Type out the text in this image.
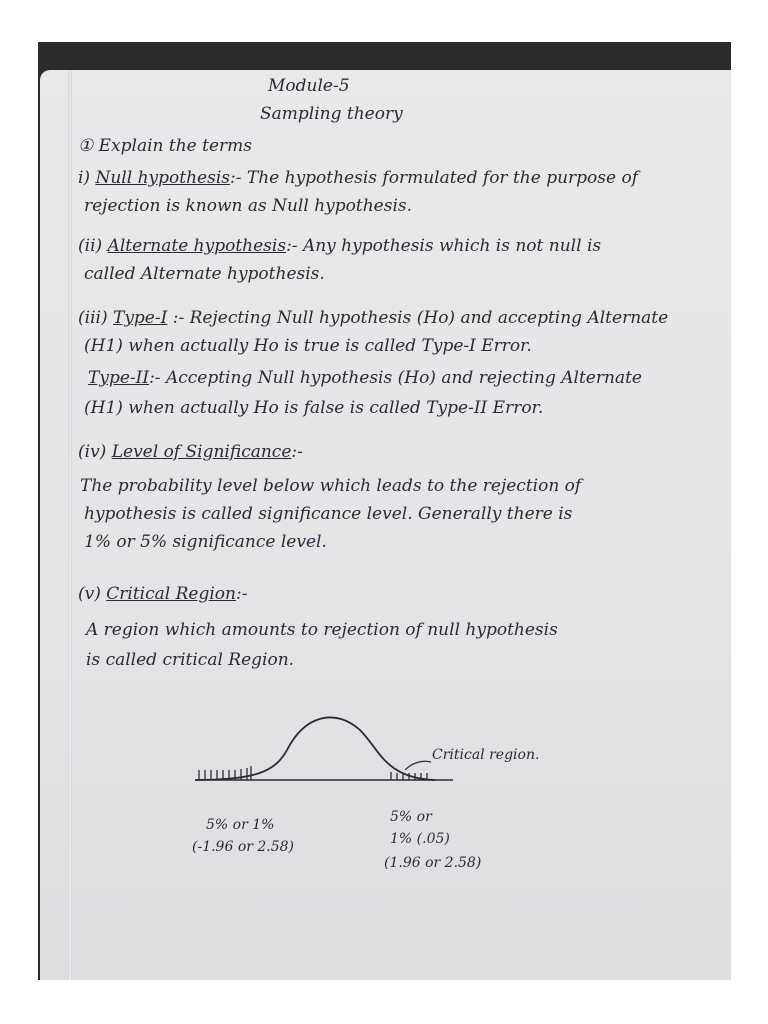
Module-5
Sampling theory
① Explain the terms
i) Null hypothesis:- The hypothesis formulated for the purpose of
rejection is known as Null hypothesis.
(ii) Alternate hypothesis:- Any hypothesis which is not null is
called Alternate hypothesis.
(iii) Type-I :- Rejecting Null hypothesis (Ho) and accepting Alternate
(H1) when actually Ho is true is called Type-I Error.
Type-II:- Accepting Null hypothesis (Ho) and rejecting Alternate
(H1) when actually Ho is false is called Type-II Error.
(iv) Level of Significance:-
The probability level below which leads to the rejection of
hypothesis is called significance level. Generally there is
1% or 5% significance level.
(v) Critical Region:-
A region which amounts to rejection of null hypothesis
is called critical Region.
Critical region.
5% or 1%
(-1.96 or 2.58)
5% or
1% (.05)
(1.96 or 2.58)
